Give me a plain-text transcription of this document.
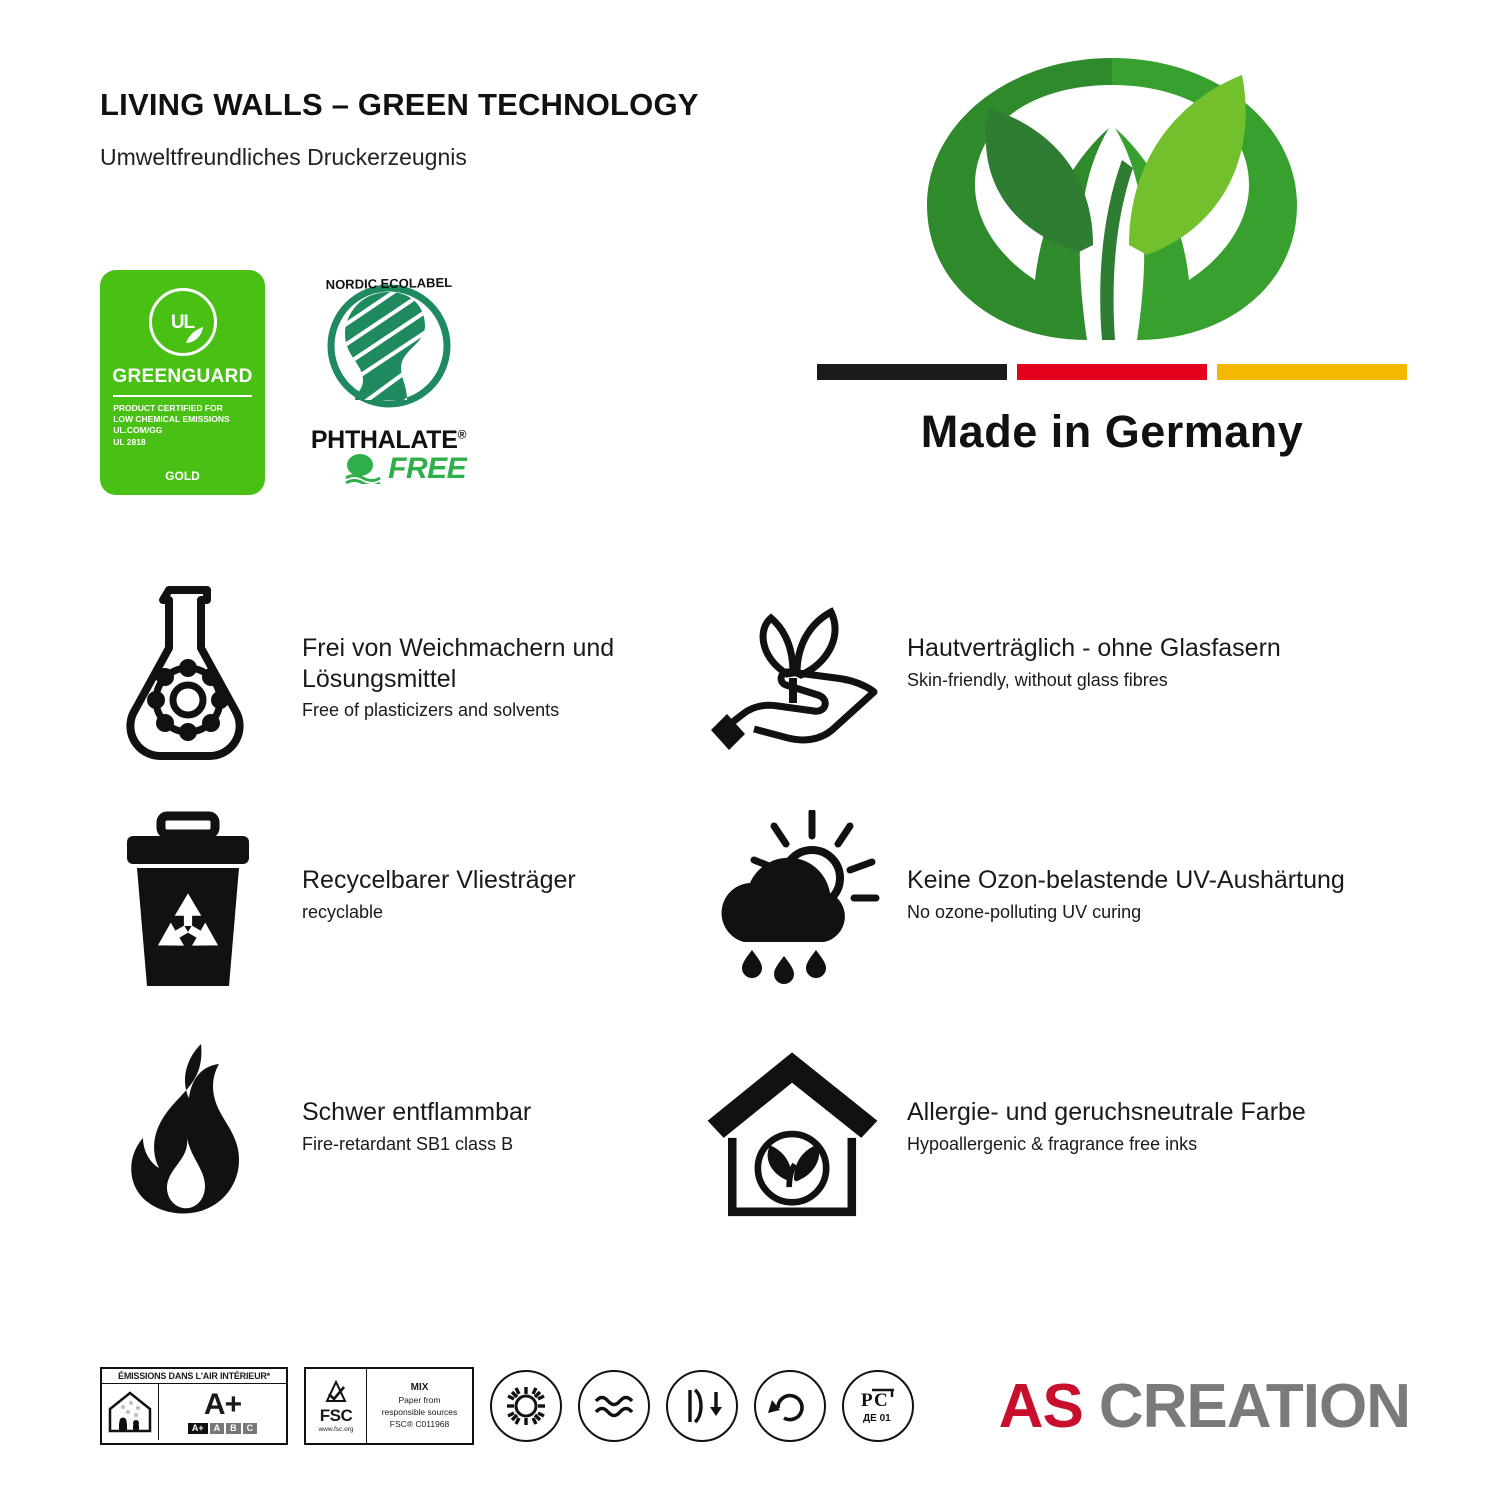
LIVING WALLS – GREEN TECHNOLOGY

Umweltfreundliches Druckerzeugnis

UL
GREENGUARD
PRODUCT CERTIFIED FOR
LOW CHEMICAL EMISSIONS
UL.COM/GG
UL 2818
GOLD
NORDIC ECOLABEL
PHTHALATE®
FREE
Made in Germany

Frei von Weichmachern und Lösungsmittel

Free of plasticizers and solvents

Hautverträglich - ohne Glasfasern

Skin-friendly, without glass fibres

Recycelbarer Vliesträger

recyclable

Keine Ozon-belastende UV-Aushärtung

No ozone-polluting UV curing

Schwer entflammbar

Fire-retardant SB1 class B

Allergie- und geruchsneutrale Farbe

Hypoallergenic & fragrance free inks

ÉMISSIONS DANS L'AIR INTÉRIEUR*
A+
A+	A	B	C
FSC
www.fsc.org
MIX
Paper from
responsible sources
FSC® C011968
P C
ДЕ 01 AS CREATION
